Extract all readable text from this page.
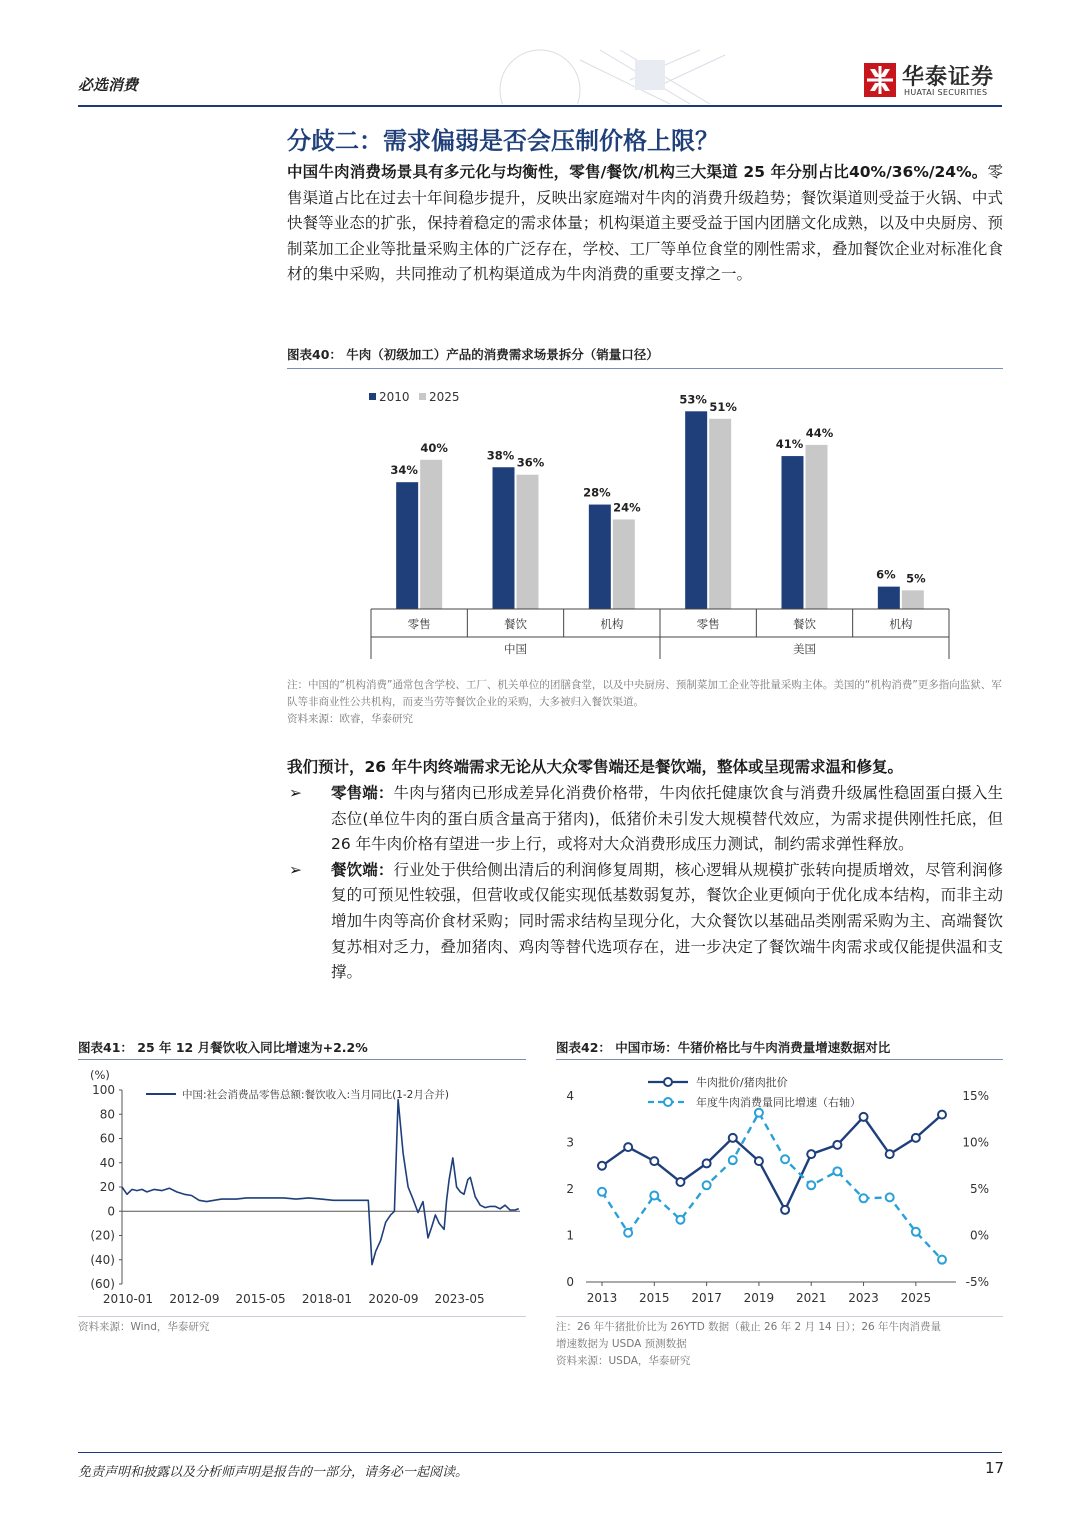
必选消费	华泰证券
HUATAI SECURITIES
分歧二：需求偏弱是否会压制价格上限？
中国牛肉消费场景具有多元化与均衡性，零售/餐饮/机构三大渠道 25 年分别占比40%/36%/24%。零售渠道占比在过去十年间稳步提升，反映出家庭端对牛肉的消费升级趋势；餐饮渠道则受益于火锅、中式快餐等业态的扩张，保持着稳定的需求体量；机构渠道主要受益于国内团膳文化成熟，以及中央厨房、预制菜加工企业等批量采购主体的广泛存在，学校、工厂等单位食堂的刚性需求，叠加餐饮企业对标准化食材的集中采购，共同推动了机构渠道成为牛肉消费的重要支撑之一。
图表40： 牛肉（初级加工）产品的消费需求场景拆分（销量口径）
2010 2025
34%
40%
38%
36%
28%
24%
53%
51%
41%
44%
6% 5%
零售	餐饮	机构	零售	餐饮	机构
中国	美国
注：中国的“机构消费”通常包含学校、工厂、机关单位的团膳食堂，以及中央厨房、预制菜加工企业等批量采购主体。美国的“机构消费”更多指向监狱、军队等非商业性公共机构，而麦当劳等餐饮企业的采购，大多被归入餐饮渠道。
资料来源：欧睿，华泰研究
我们预计，26 年牛肉终端需求无论从大众零售端还是餐饮端，整体或呈现需求温和修复。
➢	零售端：牛肉与猪肉已形成差异化消费价格带，牛肉依托健康饮食与消费升级属性稳固蛋白摄入生态位(单位牛肉的蛋白质含量高于猪肉)，低猪价未引发大规模替代效应，为需求提供刚性托底，但 26 年牛肉价格有望进一步上行，或将对大众消费形成压力测试，制约需求弹性释放。
➢	餐饮端：行业处于供给侧出清后的利润修复周期，核心逻辑从规模扩张转向提质增效，尽管利润修复的可预见性较强，但营收或仅能实现低基数弱复苏，餐饮企业更倾向于优化成本结构，而非主动增加牛肉等高价食材采购；同时需求结构呈现分化，大众餐饮以基础品类刚需采购为主、高端餐饮复苏相对乏力，叠加猪肉、鸡肉等替代选项存在，进一步决定了餐饮端牛肉需求或仅能提供温和支撑。
图表41： 25 年 12 月餐饮收入同比增速为+2.2%
(%)
100
80
60
40
20
0
(20)
(40)
(60)
2010-01 2012-09 2015-05 2018-01 2020-09 2023-05
中国:社会消费品零售总额:餐饮收入:当月同比(1-2月合并)
资料来源：Wind，华泰研究
图表42： 中国市场：牛猪价格比与牛肉消费量增速数据对比
0
1
2
3
4	15%
10%
5%
0%
-5%
2013 2015 2017 2019 2021 2023 2025
牛肉批价/猪肉批价
年度牛肉消费量同比增速（右轴）
注：26 年牛猪批价比为 26YTD 数据（截止 26 年 2 月 14 日）；26 年牛肉消费量
增速数据为 USDA 预测数据
资料来源：USDA，华泰研究
免责声明和披露以及分析师声明是报告的一部分，请务必一起阅读。	17
